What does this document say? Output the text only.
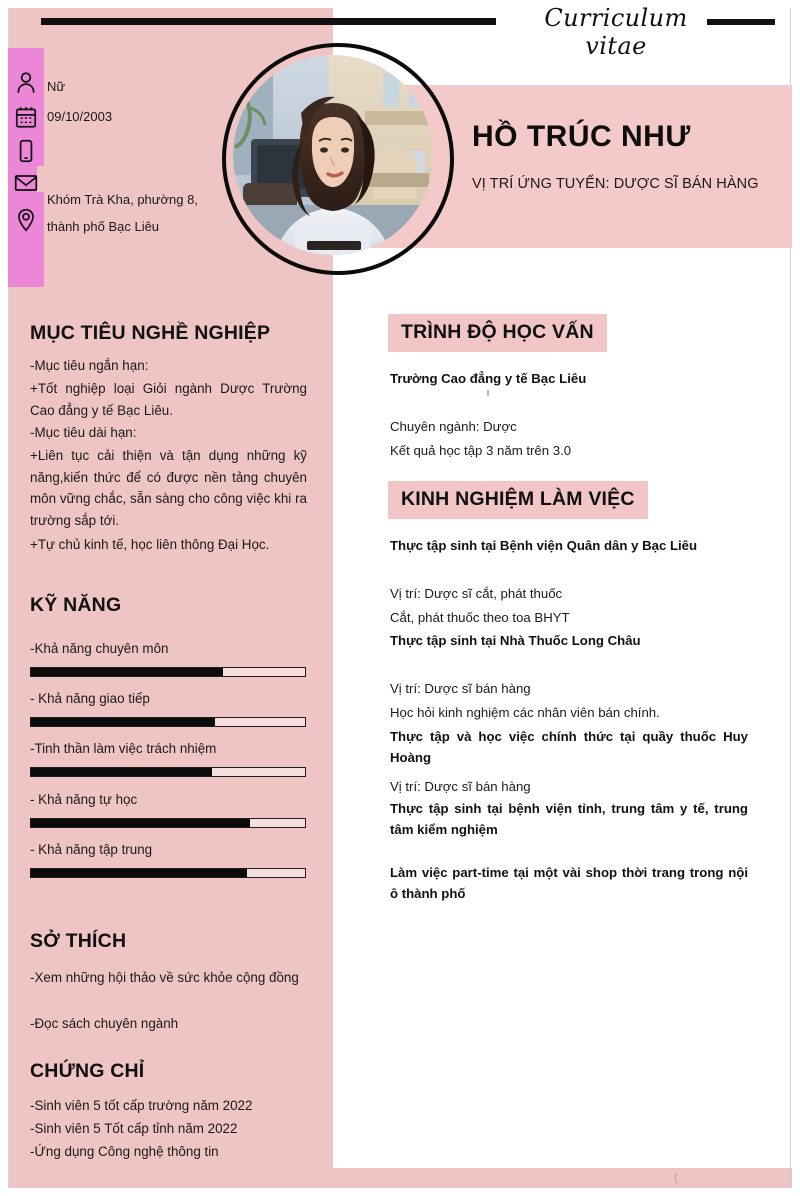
Curriculum vitae
HỒ TRÚC NHƯ
VỊ TRÍ ỨNG TUYỂN: DƯỢC SĨ BÁN HÀNG
Nữ
09/10/2003
Khóm Trà Kha, phường 8,
thành phố Bạc Liêu
MỤC TIÊU NGHỀ NGHIỆP
-Mục tiêu ngắn hạn:
+Tốt nghiệp loại Giỏi ngành Dược Trường Cao đẳng y tế Bạc Liêu.
-Mục tiêu dài hạn:
+Liên tục cải thiện và tận dụng những kỹ năng,kiến thức để có được nền tảng chuyên môn vững chắc, sẵn sàng cho công việc khi ra trường sắp tới.
+Tự chủ kinh tế, học liên thông Đại Học.
KỸ NĂNG
-Khả năng chuyên môn
- Khả năng giao tiếp
-Tinh thần làm việc trách nhiệm
- Khả năng tự học
- Khả năng tập trung
SỞ THÍCH
-Xem những hội thảo về sức khỏe cộng đồng
-Đọc sách chuyên ngành
CHỨNG CHỈ
-Sinh viên 5 tốt cấp trường năm 2022
-Sinh viên 5 Tốt cấp tỉnh năm 2022
-Ứng dụng Công nghệ thông tin
TRÌNH ĐỘ HỌC VẤN
Trường Cao đẳng y tế Bạc Liêu
Chuyên ngành: Dược
Kết quả học tập 3 năm trên 3.0
KINH NGHIỆM LÀM VIỆC
Thực tập sinh tại Bệnh viện Quân dân y Bạc Liêu
Vị trí: Dược sĩ cắt, phát thuốc
Cắt, phát thuốc theo toa BHYT
Thực tập sinh tại Nhà Thuốc Long Châu
Vị trí: Dược sĩ bán hàng
Học hỏi kinh nghiệm các nhân viên bán chính.
Thực tập và học việc chính thức tại quầy thuốc Huy Hoàng
Vị trí: Dược sĩ bán hàng
Thực tập sinh tại bệnh viện tỉnh, trung tâm y tế, trung tâm kiểm nghiệm
Làm việc part-time tại một vài shop thời trang trong nội ô thành phố
(
